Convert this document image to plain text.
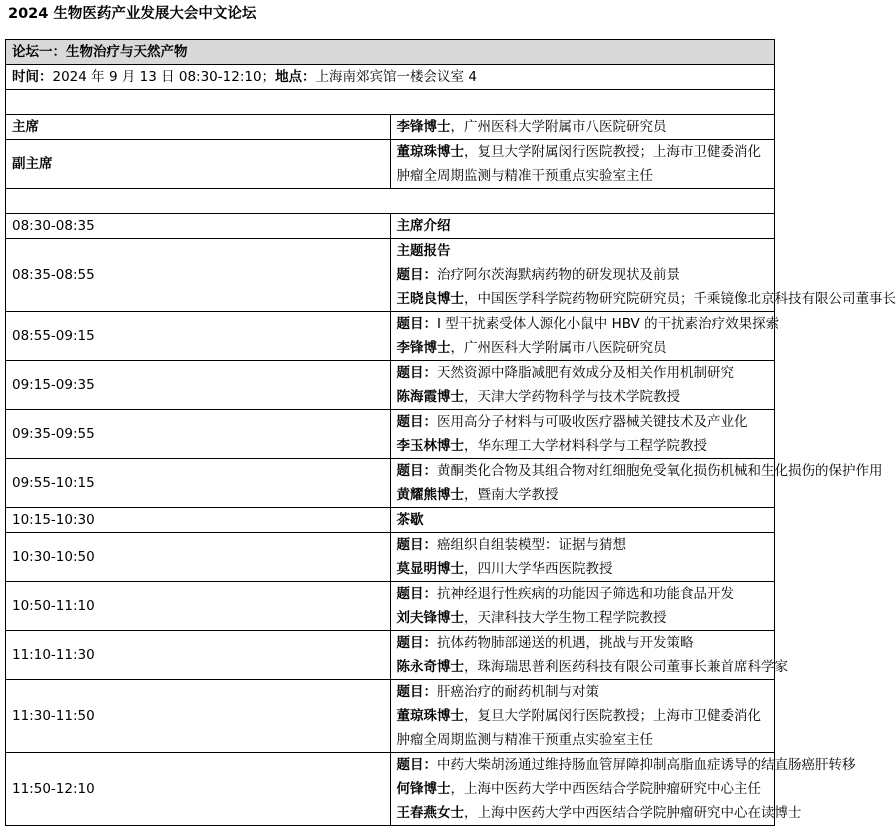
2024 生物医药产业发展大会中文论坛
论坛一：生物治疗与天然产物	
时间：2024 年 9 月 13 日 08:30-12:10；地点：上海南郊宾馆一楼会议室 4	

主席	李锋博士，广州医科大学附属市八医院研究员
副主席	董琼珠博士，复旦大学附属闵行医院教授；上海市卫健委消化肿瘤全周期监测与精准干预重点实验室主任

08:30-08:35	主席介绍
08:35-08:55	主题报告
题目：治疗阿尔茨海默病药物的研发现状及前景
王晓良博士，中国医学科学院药物研究院研究员；千乘镜像北京科技有限公司董事长

08:55-09:15	题目：I 型干扰素受体人源化小鼠中 HBV 的干扰素治疗效果探索
李锋博士，广州医科大学附属市八医院研究员

09:15-09:35	题目：天然资源中降脂减肥有效成分及相关作用机制研究
陈海霞博士，天津大学药物科学与技术学院教授

09:35-09:55	题目：医用高分子材料与可吸收医疗器械关键技术及产业化
李玉林博士，华东理工大学材料科学与工程学院教授

09:55-10:15	题目：黄酮类化合物及其组合物对红细胞免受氧化损伤机械和生化损伤的保护作用
黄耀熊博士，暨南大学教授

10:15-10:30	茶歇
10:30-10:50	题目：癌组织自组装模型：证据与猜想
莫显明博士，四川大学华西医院教授

10:50-11:10	题目：抗神经退行性疾病的功能因子筛选和功能食品开发
刘夫锋博士，天津科技大学生物工程学院教授

11:10-11:30	题目：抗体药物肺部递送的机遇，挑战与开发策略
陈永奇博士，珠海瑞思普利医药科技有限公司董事长兼首席科学家

11:30-11:50	题目：肝癌治疗的耐药机制与对策
董琼珠博士，复旦大学附属闵行医院教授；上海市卫健委消化肿瘤全周期监测与精准干预重点实验室主任

11:50-12:10	题目：中药大柴胡汤通过维持肠血管屏障抑制高脂血症诱导的结直肠癌肝转移
何锋博士，上海中医药大学中西医结合学院肿瘤研究中心主任
王春燕女士，上海中医药大学中西医结合学院肿瘤研究中心在读博士
